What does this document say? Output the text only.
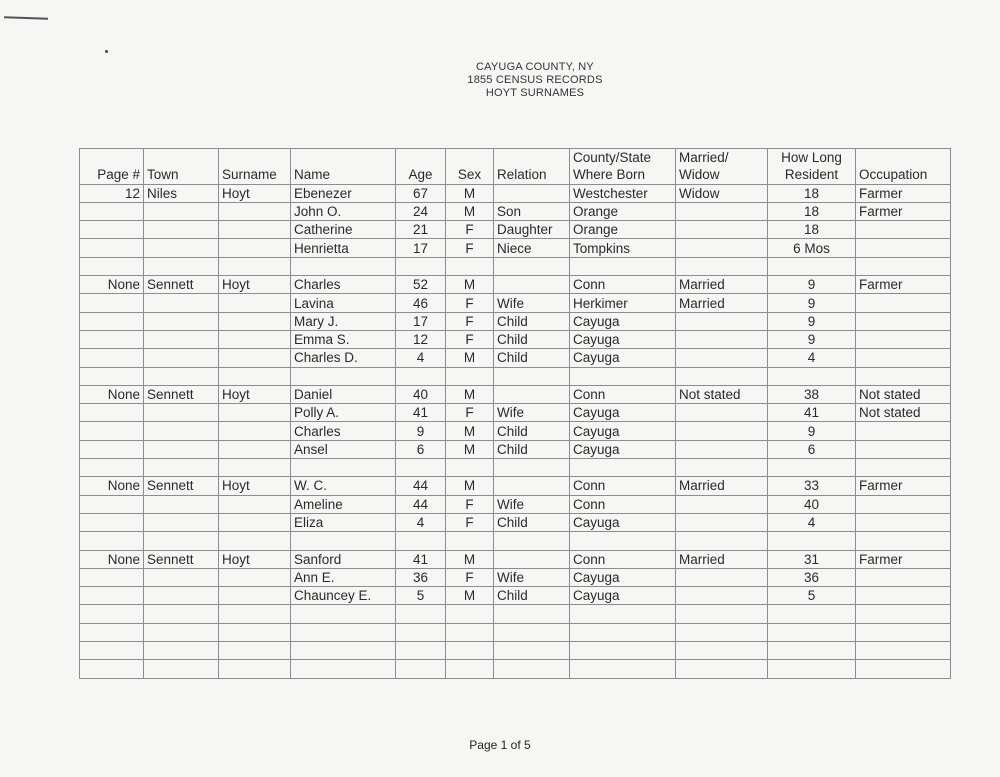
CAYUGA COUNTY, NY
1855 CENSUS RECORDS
HOYT SURNAMES
							County/State	Married/	How Long	
Page #	Town	Surname	Name	Age	Sex	Relation	Where Born	Widow	Resident	Occupation
12	Niles	Hoyt	Ebenezer	67	M		Westchester	Widow	18	Farmer
			John O.	24	M	Son	Orange		18	Farmer
			Catherine	21	F	Daughter	Orange		18	
			Henrietta	17	F	Niece	Tompkins		6 Mos	

None	Sennett	Hoyt	Charles	52	M		Conn	Married	9	Farmer
			Lavina	46	F	Wife	Herkimer	Married	9	
			Mary J.	17	F	Child	Cayuga		9	
			Emma S.	12	F	Child	Cayuga		9	
			Charles D.	4	M	Child	Cayuga		4	

None	Sennett	Hoyt	Daniel	40	M		Conn	Not stated	38	Not stated
			Polly A.	41	F	Wife	Cayuga		41	Not stated
			Charles	9	M	Child	Cayuga		9	
			Ansel	6	M	Child	Cayuga		6	

None	Sennett	Hoyt	W. C.	44	M		Conn	Married	33	Farmer
			Ameline	44	F	Wife	Conn		40	
			Eliza	4	F	Child	Cayuga		4	

None	Sennett	Hoyt	Sanford	41	M		Conn	Married	31	Farmer
			Ann E.	36	F	Wife	Cayuga		36	
			Chauncey E.	5	M	Child	Cayuga		5	

Page 1 of 5
